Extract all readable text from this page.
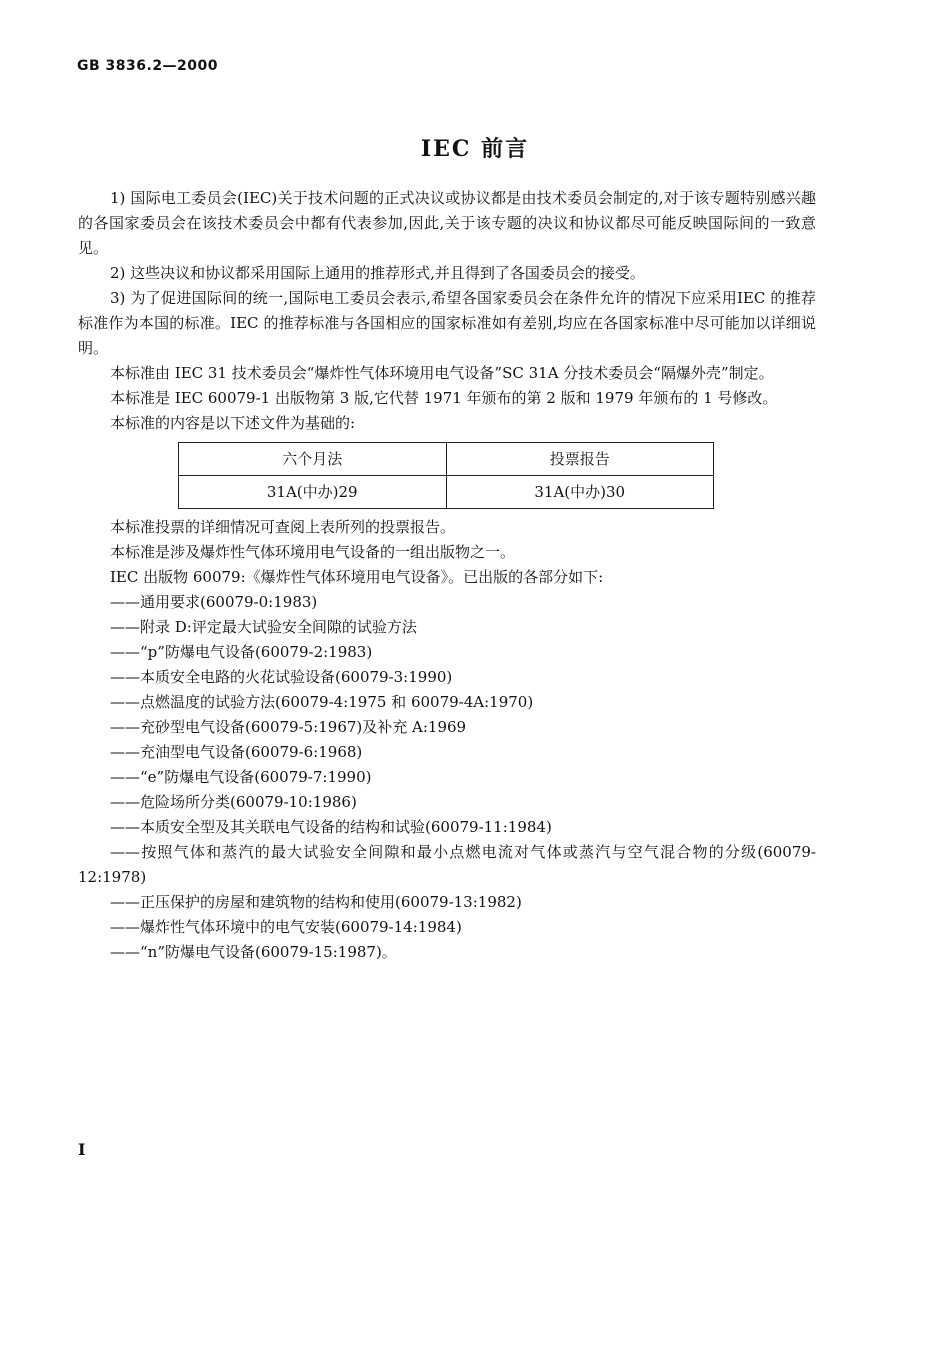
GB 3836.2—2000
IEC 前言

1) 国际电工委员会(IEC)关于技术问题的正式决议或协议都是由技术委员会制定的,对于该专题特别感兴趣的各国家委员会在该技术委员会中都有代表参加,因此,关于该专题的决议和协议都尽可能反映国际间的一致意见。

2) 这些决议和协议都采用国际上通用的推荐形式,并且得到了各国委员会的接受。

3) 为了促进国际间的统一,国际电工委员会表示,希望各国家委员会在条件允许的情况下应采用IEC 的推荐标准作为本国的标准。IEC 的推荐标准与各国相应的国家标准如有差别,均应在各国家标准中尽可能加以详细说明。

本标准由 IEC 31 技术委员会“爆炸性气体环境用电气设备”SC 31A 分技术委员会“隔爆外壳”制定。

本标准是 IEC 60079-1 出版物第 3 版,它代替 1971 年颁布的第 2 版和 1979 年颁布的 1 号修改。

本标准的内容是以下述文件为基础的:

六个月法	投票报告
31A(中办)29	31A(中办)30

本标准投票的详细情况可查阅上表所列的投票报告。

本标准是涉及爆炸性气体环境用电气设备的一组出版物之一。

IEC 出版物 60079:《爆炸性气体环境用电气设备》。已出版的各部分如下:

——通用要求(60079-0:1983)

——附录 D:评定最大试验安全间隙的试验方法

——“p”防爆电气设备(60079-2:1983)

——本质安全电路的火花试验设备(60079-3:1990)

——点燃温度的试验方法(60079-4:1975 和 60079-4A:1970)

——充砂型电气设备(60079-5:1967)及补充 A:1969

——充油型电气设备(60079-6:1968)

——“e”防爆电气设备(60079-7:1990)

——危险场所分类(60079-10:1986)

——本质安全型及其关联电气设备的结构和试验(60079-11:1984)

——按照气体和蒸汽的最大试验安全间隙和最小点燃电流对气体或蒸汽与空气混合物的分级(60079-12:1978)

——正压保护的房屋和建筑物的结构和使用(60079-13:1982)

——爆炸性气体环境中的电气安装(60079-14:1984)

——“n”防爆电气设备(60079-15:1987)。

I
